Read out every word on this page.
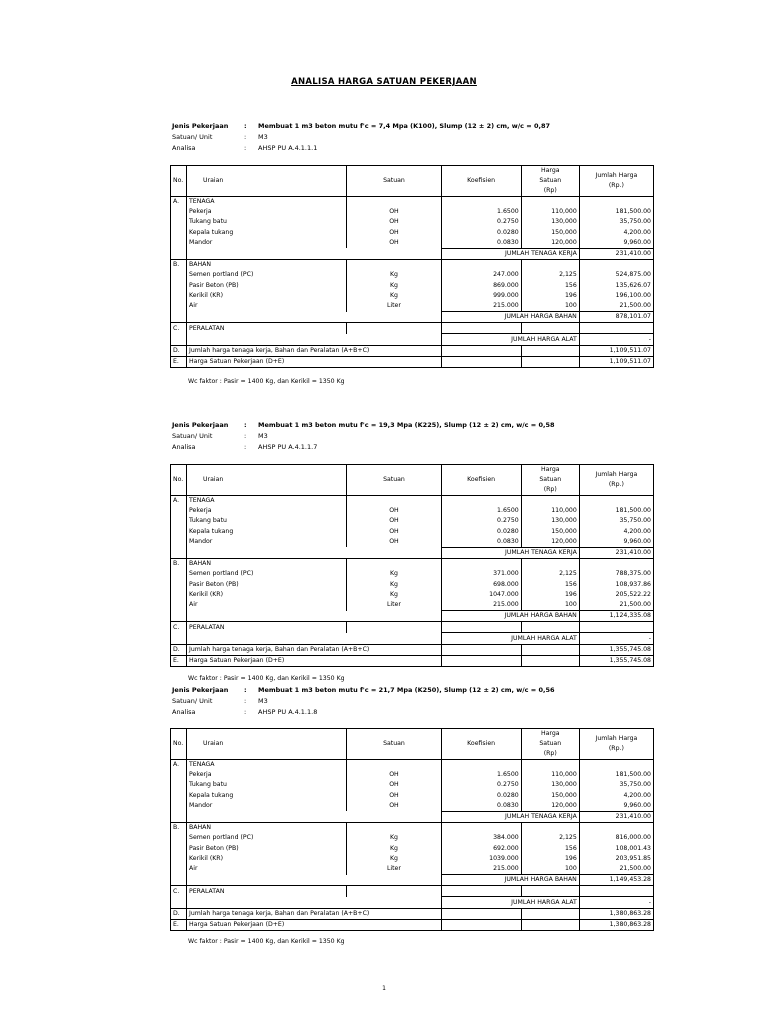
ANALISA HARGA SATUAN PEKERJAAN
Jenis Pekerjaan : Membuat 1 m3 beton mutu f'c = 7,4 Mpa (K100), Slump (12 ± 2) cm, w/c = 0,87
Satuan/ Unit	: M3
Analisa	: AHSP PU A.4.1.1.1
No.	Uraian	Satuan	Koefisien	Harga Satuan (Rp)	Jumlah Harga (Rp.)
A.	TENAGA				
	Pekerja	OH	1.6500	110,000	181,500.00
	Tukang batu	OH	0.2750	130,000	35,750.00
	Kepala tukang	OH	0.0280	150,000	4,200.00
	Mandor	OH	0.0830	120,000	9,960.00
			JUMLAH TENAGA KERJA		231,410.00
B.	BAHAN				
	Semen portland (PC)	Kg	247.000	2,125	524,875.00
	Pasir Beton (PB)	Kg	869.000	156	135,626.07
	Kerikil (KR)	Kg	999.000	196	196,100.00
	Air	Liter	215.000	100	21,500.00
			JUMLAH HARGA BAHAN		878,101.07
C.	PERALATAN				
			JUMLAH HARGA ALAT		-
D.	Jumlah harga tenaga kerja, Bahan dan Peralatan (A+B+C)				1,109,511.07
E.	Harga Satuan Pekerjaan (D+E)				1,109,511.07
Wc faktor : Pasir = 1400 Kg, dan Kerikil = 1350 Kg
Jenis Pekerjaan : Membuat 1 m3 beton mutu f'c = 19,3 Mpa (K225), Slump (12 ± 2) cm, w/c = 0,58
Satuan/ Unit	: M3
Analisa	: AHSP PU A.4.1.1.7
No.	Uraian	Satuan	Koefisien	Harga Satuan (Rp)	Jumlah Harga (Rp.)
A.	TENAGA				
	Pekerja	OH	1.6500	110,000	181,500.00
	Tukang batu	OH	0.2750	130,000	35,750.00
	Kepala tukang	OH	0.0280	150,000	4,200.00
	Mandor	OH	0.0830	120,000	9,960.00
			JUMLAH TENAGA KERJA		231,410.00
B.	BAHAN				
	Semen portland (PC)	Kg	371.000	2,125	788,375.00
	Pasir Beton (PB)	Kg	698.000	156	108,937.86
	Kerikil (KR)	Kg	1047.000	196	205,522.22
	Air	Liter	215.000	100	21,500.00
			JUMLAH HARGA BAHAN		1,124,335.08
C.	PERALATAN				
			JUMLAH HARGA ALAT		-
D.	Jumlah harga tenaga kerja, Bahan dan Peralatan (A+B+C)				1,355,745.08
E.	Harga Satuan Pekerjaan (D+E)				1,355,745.08
Wc faktor : Pasir = 1400 Kg, dan Kerikil = 1350 Kg
Jenis Pekerjaan : Membuat 1 m3 beton mutu f'c = 21,7 Mpa (K250), Slump (12 ± 2) cm, w/c = 0,56
Satuan/ Unit	: M3
Analisa	: AHSP PU A.4.1.1.8
No.	Uraian	Satuan	Koefisien	Harga Satuan (Rp)	Jumlah Harga (Rp.)
A.	TENAGA				
	Pekerja	OH	1.6500	110,000	181,500.00
	Tukang batu	OH	0.2750	130,000	35,750.00
	Kepala tukang	OH	0.0280	150,000	4,200.00
	Mandor	OH	0.0830	120,000	9,960.00
			JUMLAH TENAGA KERJA		231,410.00
B.	BAHAN				
	Semen portland (PC)	Kg	384.000	2,125	816,000.00
	Pasir Beton (PB)	Kg	692.000	156	108,001.43
	Kerikil (KR)	Kg	1039.000	196	203,951.85
	Air	Liter	215.000	100	21,500.00
			JUMLAH HARGA BAHAN		1,149,453.28
C.	PERALATAN				
			JUMLAH HARGA ALAT		-
D.	Jumlah harga tenaga kerja, Bahan dan Peralatan (A+B+C)				1,380,863.28
E.	Harga Satuan Pekerjaan (D+E)				1,380,863.28
Wc faktor : Pasir = 1400 Kg, dan Kerikil = 1350 Kg
1
